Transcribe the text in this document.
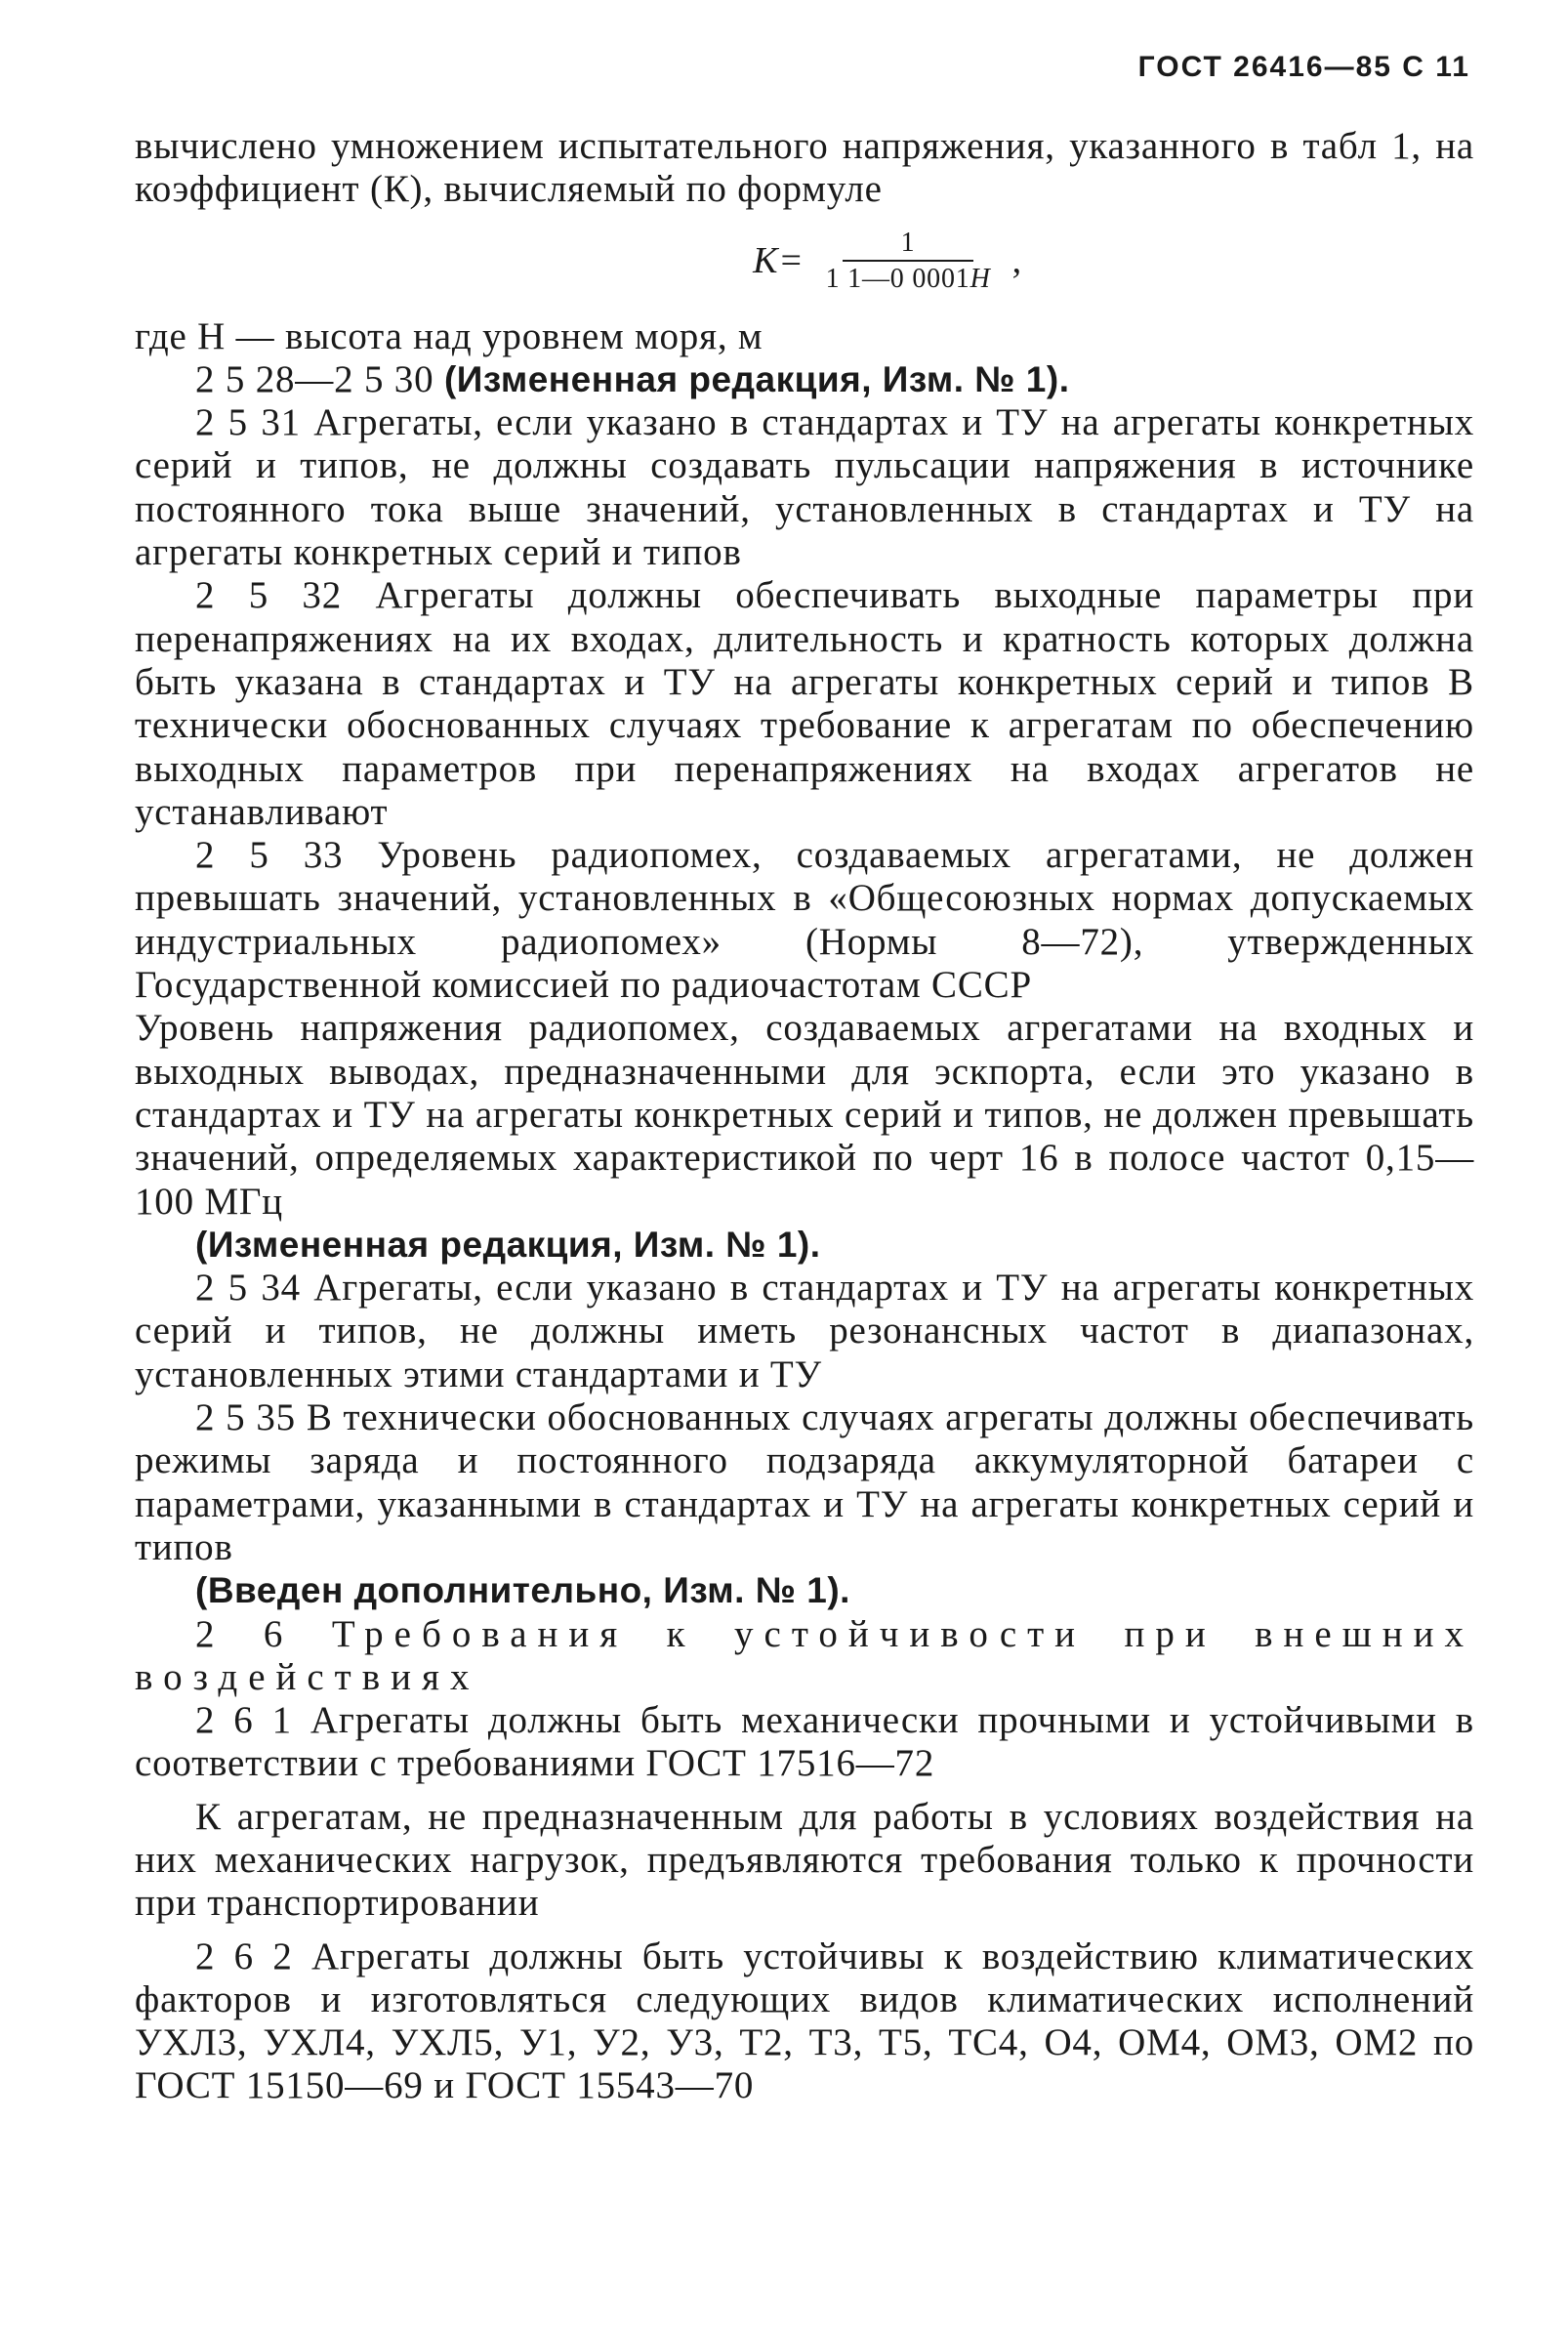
ГОСТ 26416—85 С 11

вычислено умножением испытательного напряжения, указанного в табл 1, на коэффициент (К), вычисляемый по формуле

$К= \frac{1}{1 1—0 0001Н}$ ,

где Н — высота над уровнем моря, м

2 5 28—2 5 30 (Измененная редакция, Изм. № 1).

2 5 31 Агрегаты, если указано в стандартах и ТУ на агрегаты конкретных серий и типов, не должны создавать пульсации напряжения в источнике постоянного тока выше значений, установленных в стандартах и ТУ на агрегаты конкретных серий и типов

2 5 32 Агрегаты должны обеспечивать выходные параметры при перенапряжениях на их входах, длительность и кратность которых должна быть указана в стандартах и ТУ на агрегаты конкретных серий и типов В технически обоснованных случаях требование к агрегатам по обеспечению выходных параметров при перенапряжениях на входах агрегатов не устанавливают

2 5 33 Уровень радиопомех, создаваемых агрегатами, не должен превышать значений, установленных в «Общесоюзных нормах допускаемых индустриальных радиопомех» (Нормы 8—72), утвержденных Государственной комиссией по радиочастотам СССР

Уровень напряжения радиопомех, создаваемых агрегатами на входных и выходных выводах, предназначенными для эскпорта, если это указано в стандартах и ТУ на агрегаты конкретных серий и типов, не должен превышать значений, определяемых характеристикой по черт 16 в полосе частот 0,15—100 МГц

(Измененная редакция, Изм. № 1).

2 5 34 Агрегаты, если указано в стандартах и ТУ на агрегаты конкретных серий и типов, не должны иметь резонансных частот в диапазонах, установленных этими стандартами и ТУ

2 5 35 В технически обоснованных случаях агрегаты должны обеспечивать режимы заряда и постоянного подзаряда аккумуляторной батареи с параметрами, указанными в стандартах и ТУ на агрегаты конкретных серий и типов

(Введен дополнительно, Изм. № 1).

2 6 Требования к устойчивости при внешних воздействиях

2 6 1 Агрегаты должны быть механически прочными и устойчивыми в соответствии с требованиями ГОСТ 17516—72

К агрегатам, не предназначенным для работы в условиях воздействия на них механических нагрузок, предъявляются требования только к прочности при транспортировании

2 6 2 Агрегаты должны быть устойчивы к воздействию климатических факторов и изготовляться следующих видов климатических исполнений УХЛ3, УХЛ4, УХЛ5, У1, У2, У3, Т2, Т3, Т5, ТС4, О4, ОМ4, ОМ3, ОМ2 по ГОСТ 15150—69 и ГОСТ 15543—70
